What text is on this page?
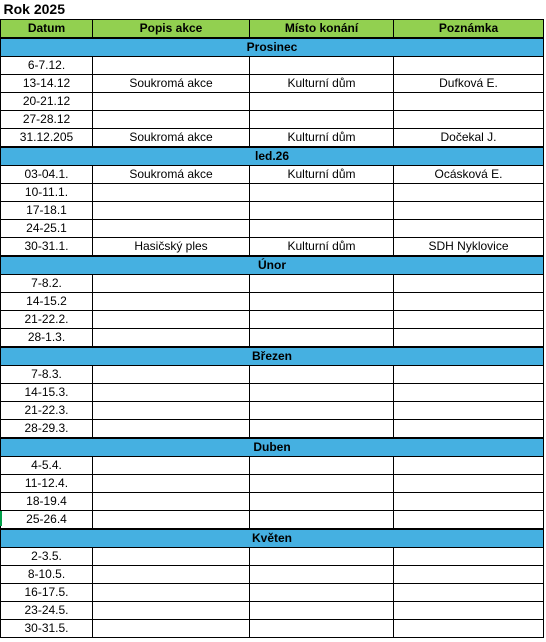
Rok 2025			
Datum	Popis akce	Místo konání	Poznámka
Prosinec			
6-7.12.			
13-14.12	Soukromá akce	Kulturní dům	Dufková E.
20-21.12			
27-28.12			
31.12.205	Soukromá akce	Kulturní dům	Dočekal J.
led.26			
03-04.1.	Soukromá akce	Kulturní dům	Ocásková E.
10-11.1.			
17-18.1			
24-25.1			
30-31.1.	Hasičský ples	Kulturní dům	SDH Nyklovice
Únor			
7-8.2.			
14-15.2			
21-22.2.			
28-1.3.			
Březen			
7-8.3.			
14-15.3.			
21-22.3.			
28-29.3.			
Duben			
4-5.4.			
11-12.4.			
18-19.4			
25-26.4			
Květen			
2-3.5.			
8-10.5.			
16-17.5.			
23-24.5.			
30-31.5.			
